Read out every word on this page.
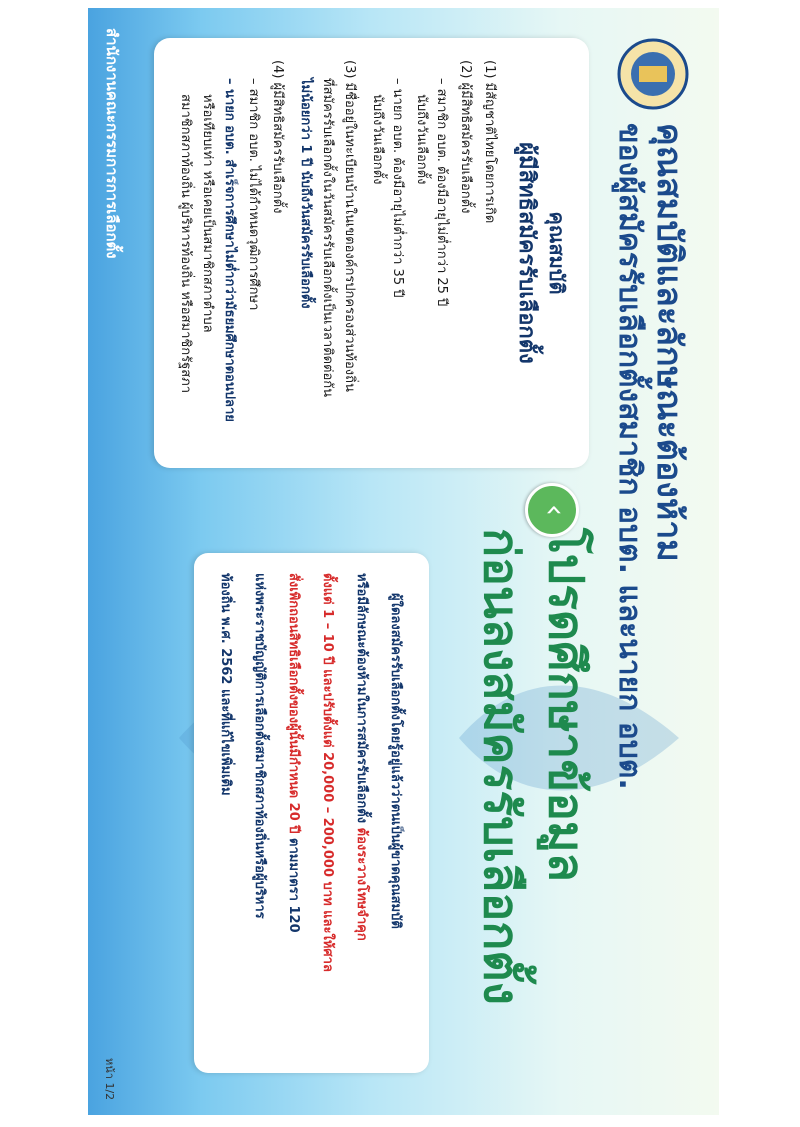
คุณสมบัติและลักษณะต้องห้าม
ของผู้สมัครรับเลือกตั้งสมาชิก อบต. และนายก อบต.
คุณสมบัติ
ผู้มีสิทธิสมัครรับเลือกตั้ง
(1) มีสัญชาติไทยโดยการเกิด
(2) ผู้มีสิทธิสมัครรับเลือกตั้ง
– สมาชิก อบต. ต้องมีอายุไม่ต่ำกว่า 25 ปี
นับถึงวันเลือกตั้ง
– นายก อบต. ต้องมีอายุไม่ต่ำกว่า 35 ปี
นับถึงวันเลือกตั้ง
(3) มีชื่ออยู่ในทะเบียนบ้านในเขตองค์กรปกครองส่วนท้องถิ่น
ที่สมัครรับเลือกตั้งในวันสมัครรับเลือกตั้งเป็นเวลาติดต่อกัน
ไม่น้อยกว่า 1 ปี นับถึงวันสมัครรับเลือกตั้ง
(4) ผู้มีสิทธิสมัครรับเลือกตั้ง
– สมาชิก อบต. ไม่ได้กำหนดวุฒิการศึกษา
– นายก อบต. สำเร็จการศึกษาไม่ต่ำกว่ามัธยมศึกษาตอนปลาย
หรือเทียบเท่า หรือเคยเป็นสมาชิกสภาตำบล
สมาชิกสภาท้องถิ่น ผู้บริหารท้องถิ่น หรือสมาชิกรัฐสภา
‹
โปรดศึกษาข้อมูล
ก่อนลงสมัครรับเลือกตั้ง
ผู้ใดลงสมัครรับเลือกตั้งโดยรู้อยู่แล้วว่าตนเป็นผู้ขาดคุณสมบัติ
หรือมีลักษณะต้องห้ามในการสมัครรับเลือกตั้ง ต้องระวางโทษจำคุก
ตั้งแต่ 1 – 10 ปี และปรับตั้งแต่ 20,000 – 200,000 บาท และให้ศาล
สั่งเพิกถอนสิทธิเลือกตั้งของผู้นั้นมีกำหนด 20 ปี ตามมาตรา 120
แห่งพระราชบัญญัติการเลือกตั้งสมาชิกสภาท้องถิ่นหรือผู้บริหาร
ท้องถิ่น พ.ศ. 2562 และที่แก้ไขเพิ่มเติม
สำนักงานคณะกรรมการการเลือกตั้ง
หน้า 1/2
